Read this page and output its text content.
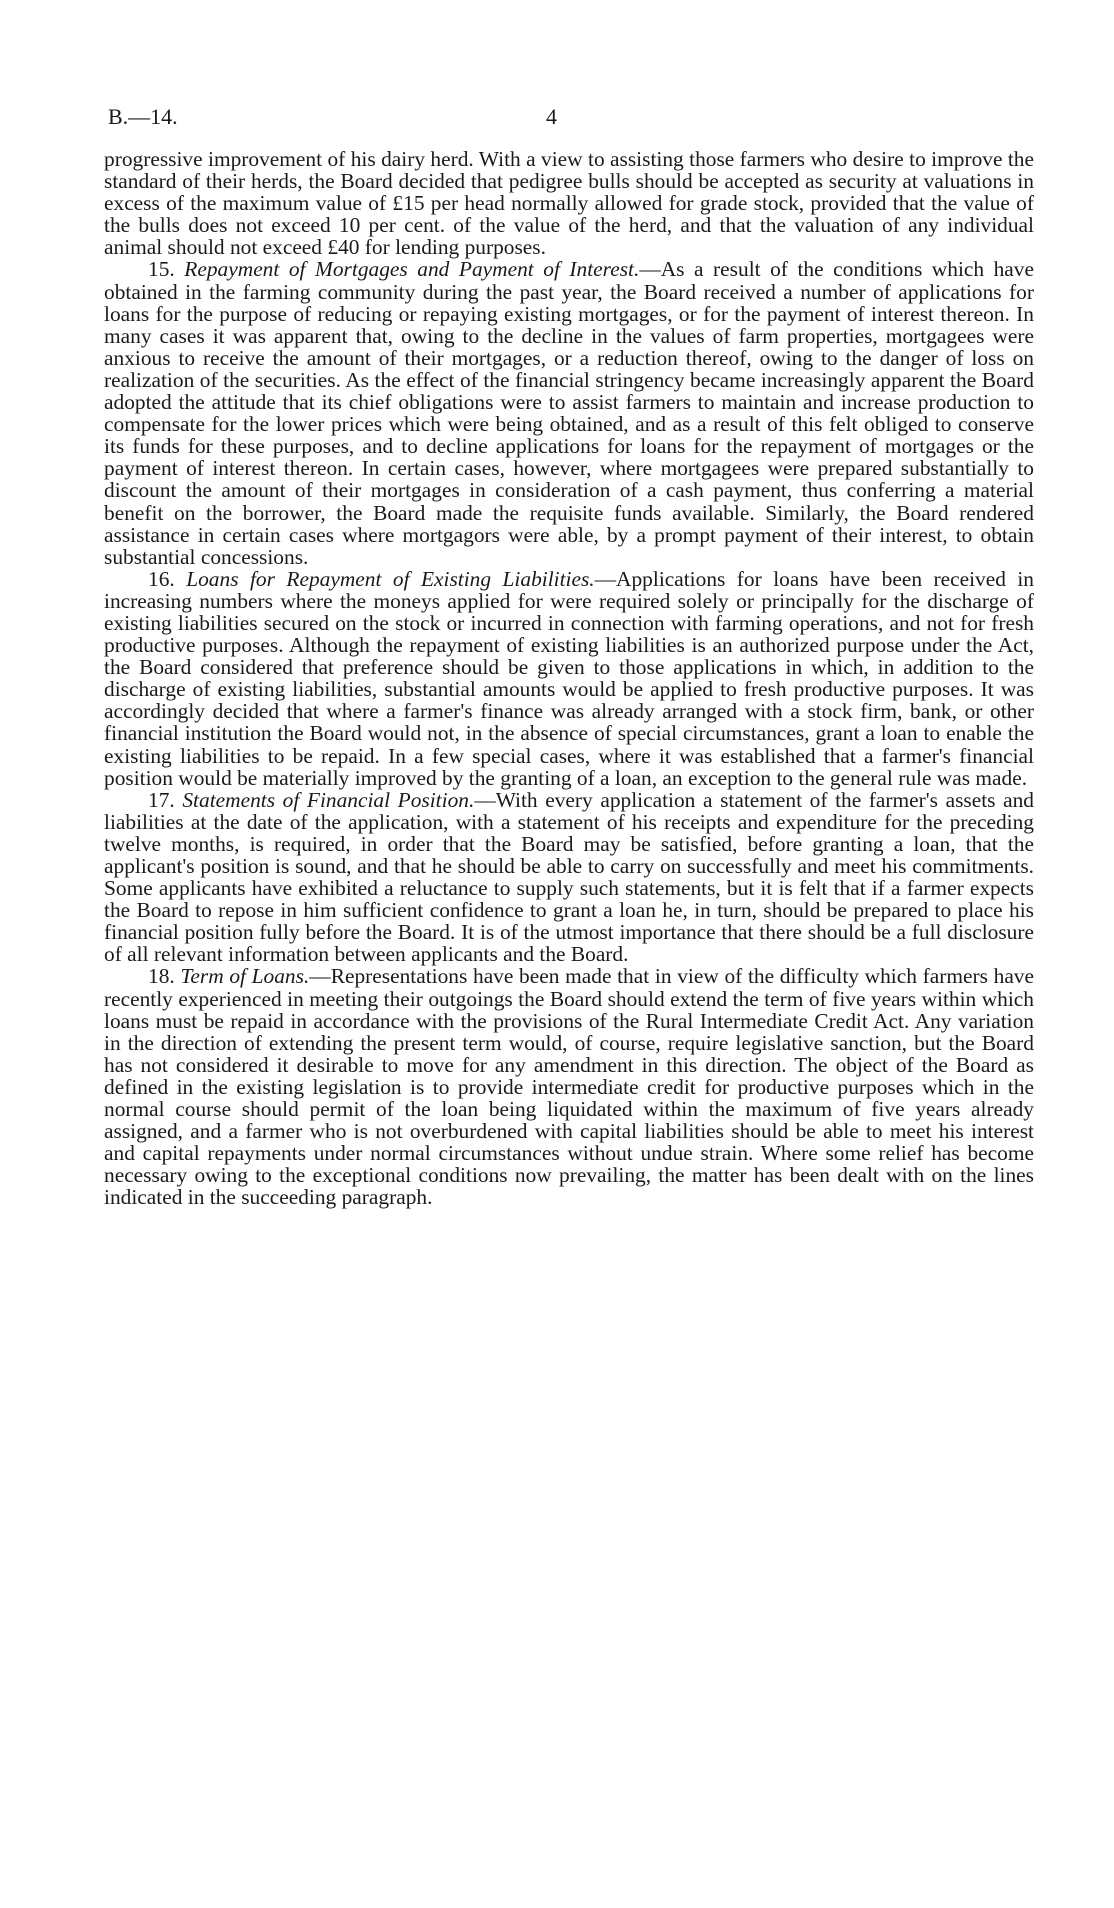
B.—14.	4

progressive improvement of his dairy herd. With a view to assisting those farmers who desire to improve the standard of their herds, the Board decided that pedigree bulls should be accepted as security at valuations in excess of the maximum value of £15 per head normally allowed for grade stock, provided that the value of the bulls does not exceed 10 per cent. of the value of the herd, and that the valuation of any individual animal should not exceed £40 for lending purposes.

15. Repayment of Mortgages and Payment of Interest.—As a result of the conditions which have obtained in the farming community during the past year, the Board received a number of applications for loans for the purpose of reducing or repaying existing mortgages, or for the payment of interest thereon. In many cases it was apparent that, owing to the decline in the values of farm properties, mortgagees were anxious to receive the amount of their mortgages, or a reduction thereof, owing to the danger of loss on realization of the securities. As the effect of the financial stringency became increasingly apparent the Board adopted the attitude that its chief obligations were to assist farmers to maintain and increase production to compensate for the lower prices which were being obtained, and as a result of this felt obliged to conserve its funds for these purposes, and to decline applications for loans for the repayment of mortgages or the payment of interest thereon. In certain cases, however, where mortgagees were prepared substantially to discount the amount of their mortgages in consideration of a cash payment, thus conferring a material benefit on the borrower, the Board made the requisite funds available. Similarly, the Board rendered assistance in certain cases where mortgagors were able, by a prompt payment of their interest, to obtain substantial concessions.

16. Loans for Repayment of Existing Liabilities.—Applications for loans have been received in increasing numbers where the moneys applied for were required solely or principally for the discharge of existing liabilities secured on the stock or incurred in connection with farming operations, and not for fresh productive purposes. Although the repayment of existing liabilities is an authorized purpose under the Act, the Board considered that preference should be given to those applications in which, in addition to the discharge of existing liabilities, substantial amounts would be applied to fresh productive purposes. It was accordingly decided that where a farmer's finance was already arranged with a stock firm, bank, or other financial institution the Board would not, in the absence of special circumstances, grant a loan to enable the existing liabilities to be repaid. In a few special cases, where it was established that a farmer's financial position would be materially improved by the granting of a loan, an exception to the general rule was made.

17. Statements of Financial Position.—With every application a statement of the farmer's assets and liabilities at the date of the application, with a statement of his receipts and expenditure for the preceding twelve months, is required, in order that the Board may be satisfied, before granting a loan, that the applicant's position is sound, and that he should be able to carry on successfully and meet his commitments. Some applicants have exhibited a reluctance to supply such statements, but it is felt that if a farmer expects the Board to repose in him sufficient confidence to grant a loan he, in turn, should be prepared to place his financial position fully before the Board. It is of the utmost importance that there should be a full disclosure of all relevant information between applicants and the Board.

18. Term of Loans.—Representations have been made that in view of the difficulty which farmers have recently experienced in meeting their outgoings the Board should extend the term of five years within which loans must be repaid in accordance with the provisions of the Rural Intermediate Credit Act. Any variation in the direction of extending the present term would, of course, require legislative sanction, but the Board has not considered it desirable to move for any amendment in this direction. The object of the Board as defined in the existing legislation is to provide intermediate credit for productive purposes which in the normal course should permit of the loan being liquidated within the maximum of five years already assigned, and a farmer who is not overburdened with capital liabilities should be able to meet his interest and capital repayments under normal circumstances without undue strain. Where some relief has become necessary owing to the exceptional conditions now prevailing, the matter has been dealt with on the lines indicated in the succeeding paragraph.
